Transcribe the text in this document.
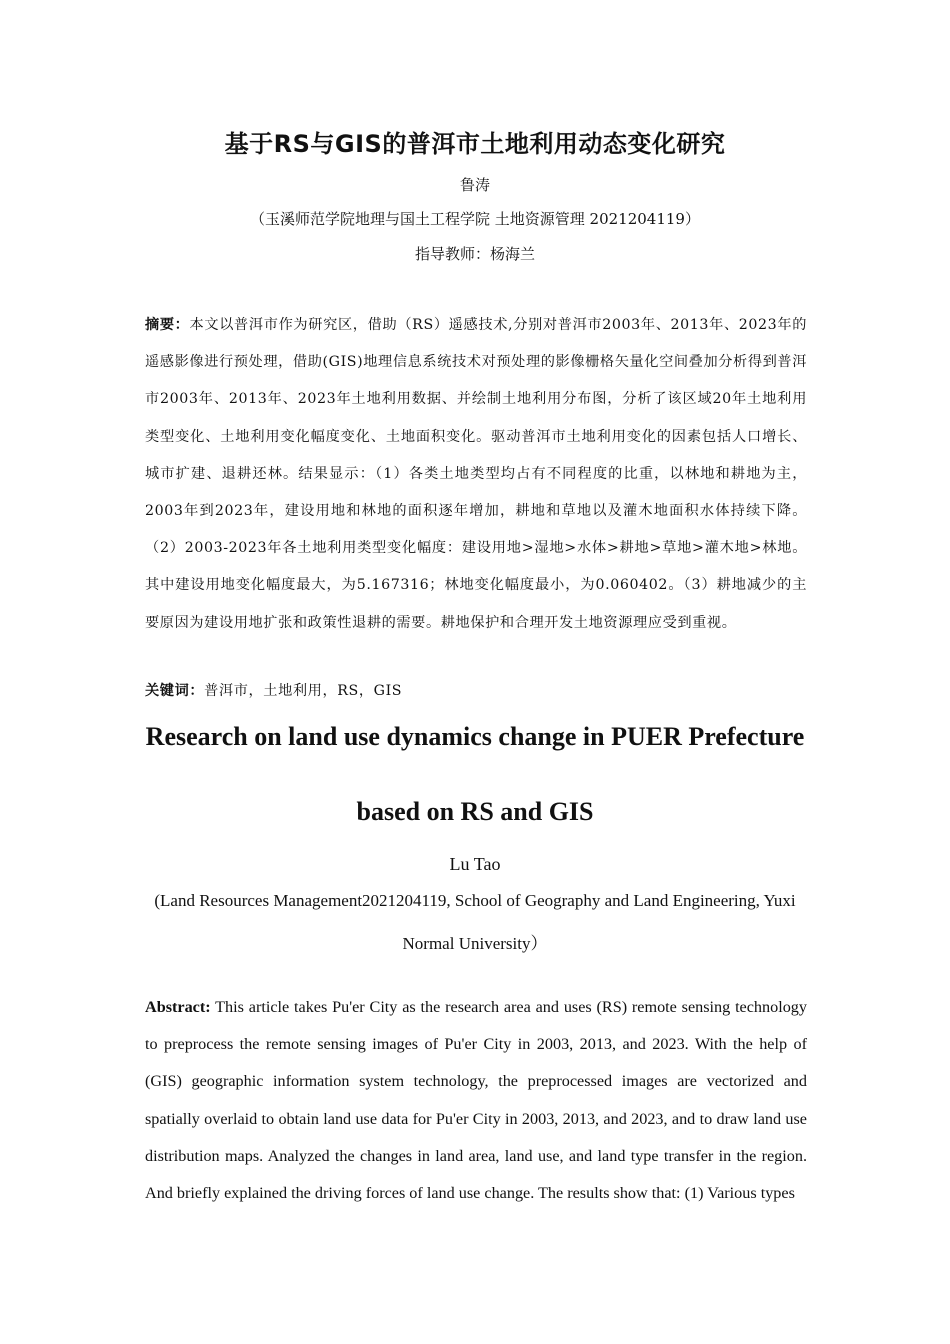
基于RS与GIS的普洱市土地利用动态变化研究
鲁涛
（玉溪师范学院地理与国土工程学院 土地资源管理 2021204119）
指导教师：杨海兰
摘要：本文以普洱市作为研究区，借助（RS）遥感技术,分别对普洱市2003年、2013年、2023年的遥感影像进行预处理，借助(GIS)地理信息系统技术对预处理的影像栅格矢量化空间叠加分析得到普洱市2003年、2013年、2023年土地利用数据、并绘制土地利用分布图，分析了该区域20年土地利用类型变化、土地利用变化幅度变化、土地面积变化。驱动普洱市土地利用变化的因素包括人口增长、城市扩建、退耕还林。结果显示：（1）各类土地类型均占有不同程度的比重，以林地和耕地为主，2003年到2023年，建设用地和林地的面积逐年增加，耕地和草地以及灌木地面积水体持续下降。（2）2003-2023年各土地利用类型变化幅度：建设用地>湿地>水体>耕地>草地>灌木地>林地。其中建设用地变化幅度最大，为5.167316；林地变化幅度最小，为0.060402。（3）耕地减少的主要原因为建设用地扩张和政策性退耕的需要。耕地保护和合理开发土地资源理应受到重视。
关键词：普洱市，土地利用，RS，GIS
Research on land use dynamics change in PUER Prefecture
based on RS and GIS
Lu Tao
(Land Resources Management2021204119, School of Geography and Land Engineering, Yuxi
Normal University）
Abstract: This article takes Pu'er City as the research area and uses (RS) remote sensing technology to preprocess the remote sensing images of Pu'er City in 2003, 2013, and 2023. With the help of (GIS) geographic information system technology, the preprocessed images are vectorized and spatially overlaid to obtain land use data for Pu'er City in 2003, 2013, and 2023, and to draw land use distribution maps. Analyzed the changes in land area, land use, and land type transfer in the region. And briefly explained the driving forces of land use change. The results show that: (1) Various types
